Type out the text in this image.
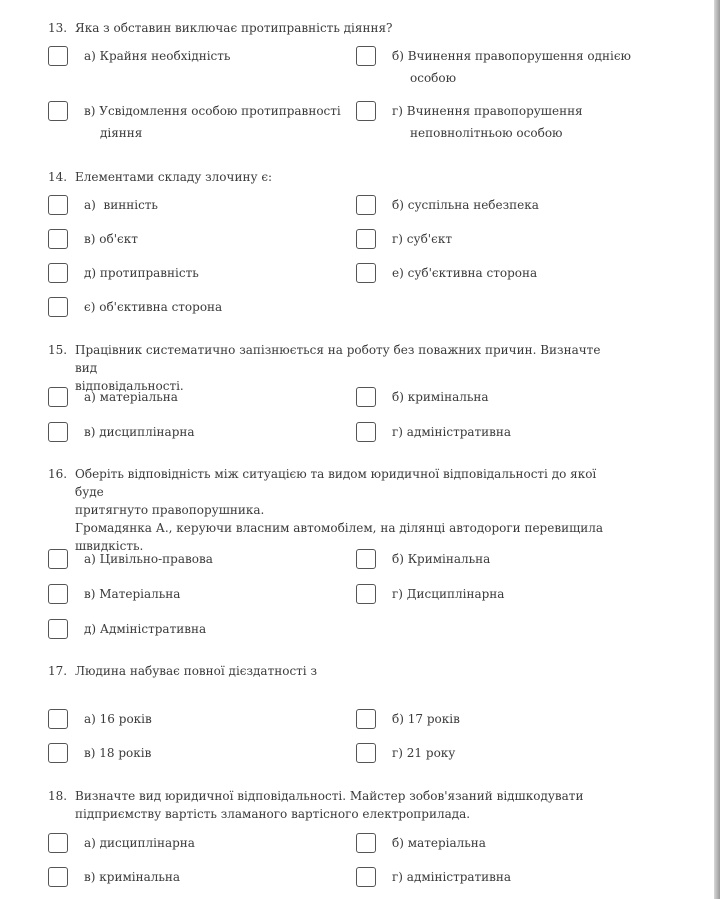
13. Яка з обставин виключає протиправність діяння?
а) Крайня необхідність	б) Вчинення правопорушення однією
особою
в) Усвідомлення особою протиправності
діяння
г) Вчинення правопорушення
неповнолітньою особою
14. Елементами складу злочину є:
а) винність	б) суспільна небезпека
в) об'єкт	г) суб'єкт
д) протиправність	е) суб'єктивна сторона
є) об'єктивна сторона
15. Працівник систематично запізнюється на роботу без поважних причин. Визначте вид
відповідальності.
а) матеріальна	б) кримінальна
в) дисциплінарна	г) адміністративна
16. Оберіть відповідність між ситуацією та видом юридичної відповідальності до якої буде
притягнуто правопорушника.
Громадянка А., керуючи власним автомобілем, на ділянці автодороги перевищила
швидкість.
а) Цивільно-правова	б) Кримінальна
в) Матеріальна	г) Дисциплінарна
д) Адміністративна
17. Людина набуває повної дієздатності з
а) 16 років	б) 17 років
в) 18 років	г) 21 року
18. Визначте вид юридичної відповідальності. Майстер зобов'язаний відшкодувати
підприємству вартість зламаного вартісного електроприлада.
а) дисциплінарна	б) матеріальна
в) кримінальна	г) адміністративна
